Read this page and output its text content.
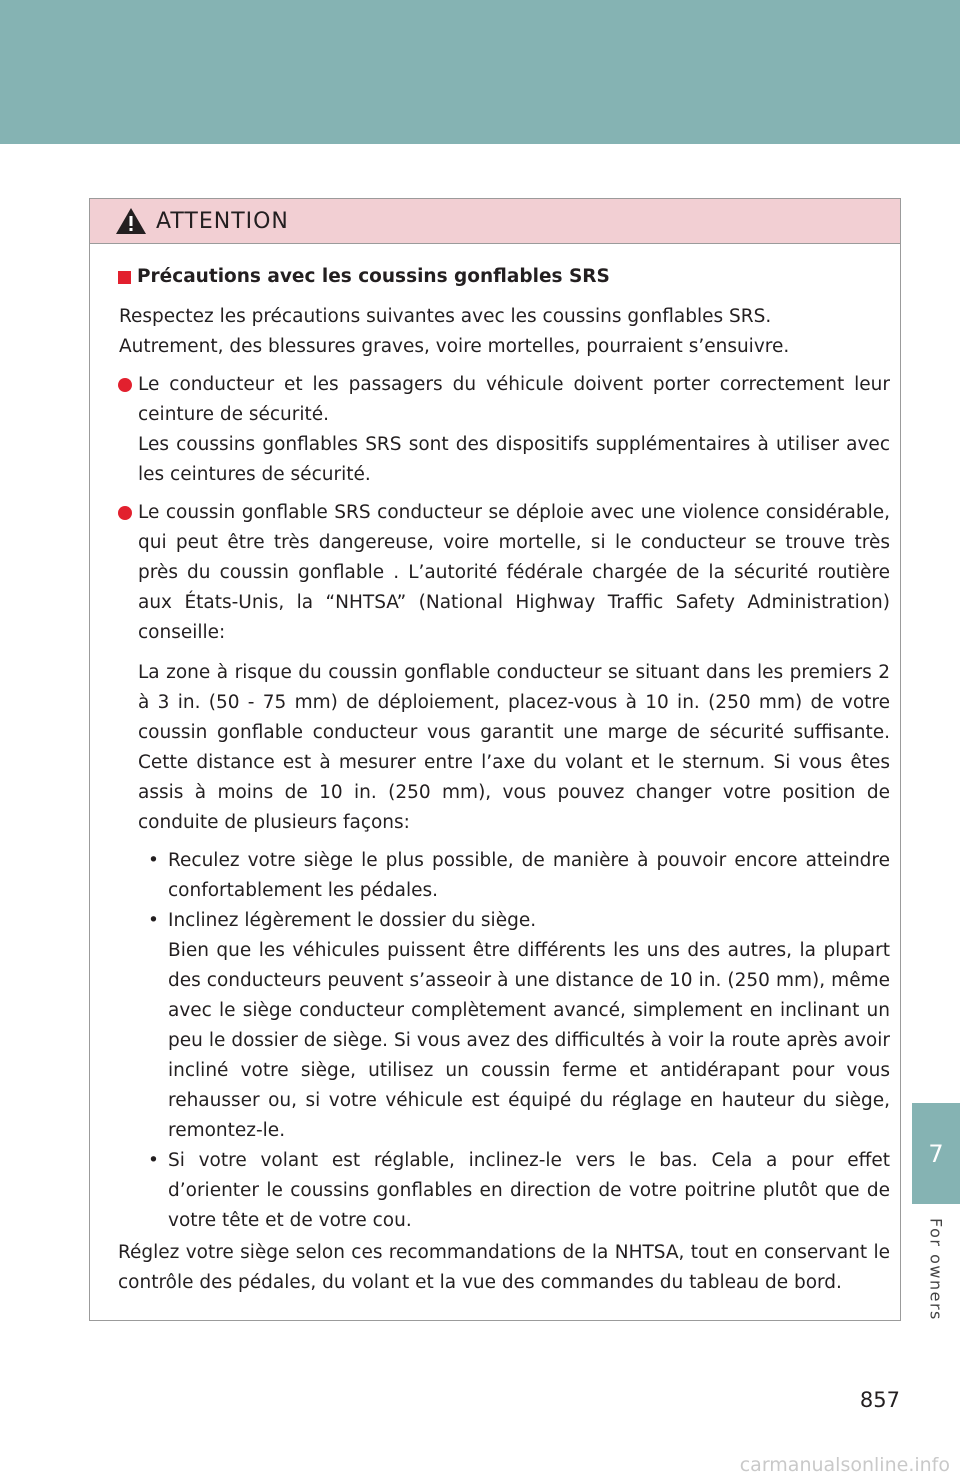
ATTENTION
Précautions avec les coussins gonflables SRS
Respectez les précautions suivantes avec les coussins gonflables SRS.
Autrement, des blessures graves, voire mortelles, pourraient s’ensuivre.

Le conducteur et les passagers du véhicule doivent porter correctement leur ceinture de sécurité.

Les coussins gonflables SRS sont des dispositifs supplémentaires à utiliser avec les ceintures de sécurité.

Le coussin gonflable SRS conducteur se déploie avec une violence considérable, qui peut être très dangereuse, voire mortelle, si le conducteur se trouve très près du coussin gonflable . L’autorité fédérale chargée de la sécurité routière aux États-Unis, la “NHTSA” (National Highway Traffic Safety Administration) conseille:

La zone à risque du coussin gonflable conducteur se situant dans les premiers 2 à 3 in. (50 - 75 mm) de déploiement, placez-vous à 10 in. (250 mm) de votre coussin gonflable conducteur vous garantit une marge de sécurité suffisante. Cette distance est à mesurer entre l’axe du volant et le sternum. Si vous êtes assis à moins de 10 in. (250 mm), vous pouvez changer votre position de conduite de plusieurs façons:

• Reculez votre siège le plus possible, de manière à pouvoir encore atteindre confortablement les pédales.

• Inclinez légèrement le dossier du siège.

Bien que les véhicules puissent être différents les uns des autres, la plupart des conducteurs peuvent s’asseoir à une distance de 10 in. (250 mm), même avec le siège conducteur complètement avancé, simplement en inclinant un peu le dossier de siège. Si vous avez des difficultés à voir la route après avoir incliné votre siège, utilisez un coussin ferme et antidérapant pour vous rehausser ou, si votre véhicule est équipé du réglage en hauteur du siège, remontez-le.

• Si votre volant est réglable, inclinez-le vers le bas. Cela a pour effet d’orienter le coussins gonflables en direction de votre poitrine plutôt que de votre tête et de votre cou.

Réglez votre siège selon ces recommandations de la NHTSA, tout en conservant le contrôle des pédales, du volant et la vue des commandes du tableau de bord.
7
For owners
857
carmanualsonline.info
